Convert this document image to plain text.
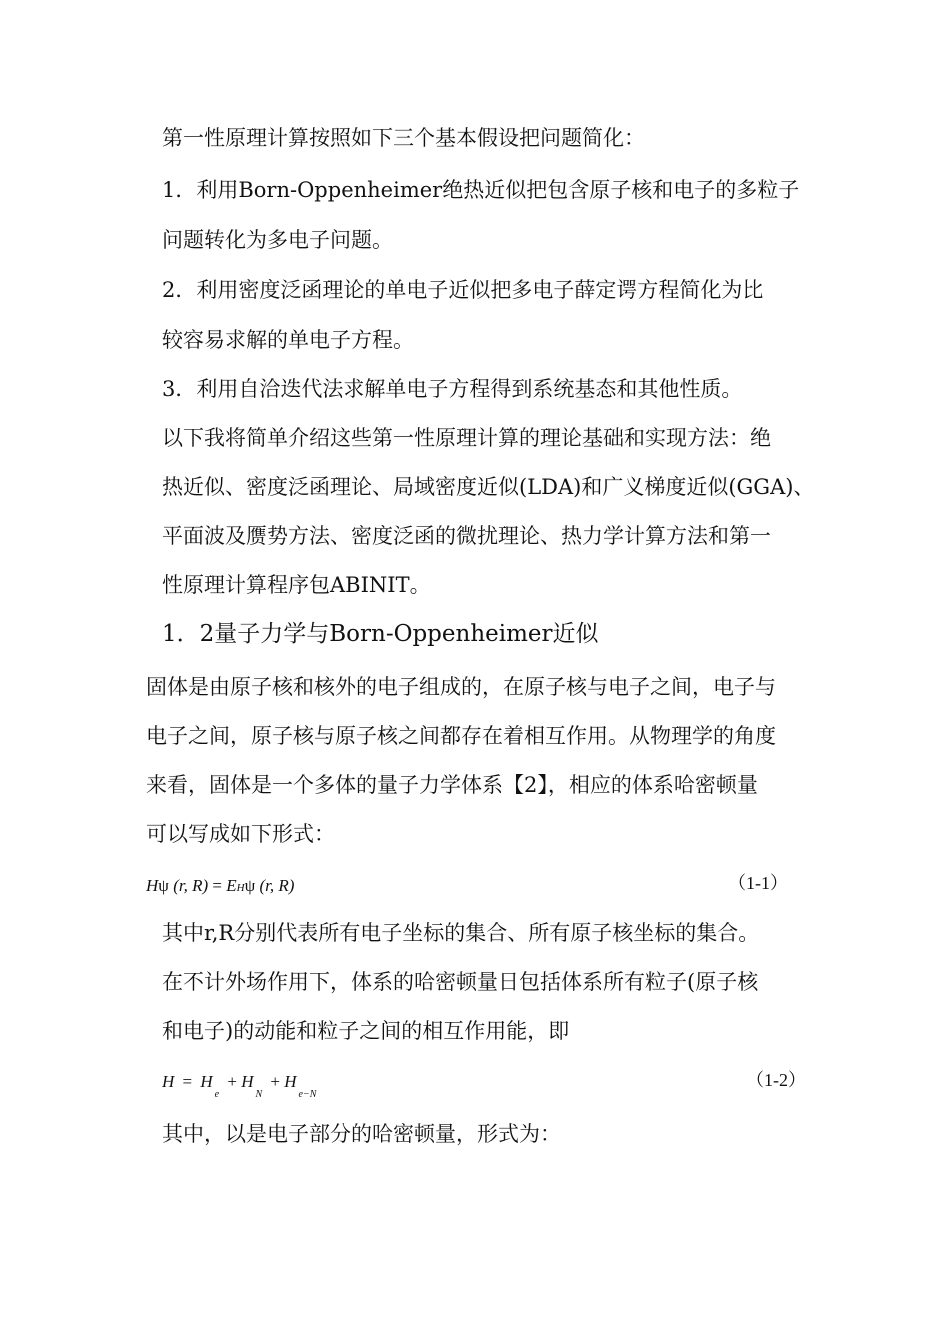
第一性原理计算按照如下三个基本假设把问题简化：
1．利用Born-Oppenheimer绝热近似把包含原子核和电子的多粒子
问题转化为多电子问题。
2．利用密度泛函理论的单电子近似把多电子薛定谔方程简化为比
较容易求解的单电子方程。
3．利用自洽迭代法求解单电子方程得到系统基态和其他性质。
以下我将简单介绍这些第一性原理计算的理论基础和实现方法：绝
热近似、密度泛函理论、局域密度近似(LDA)和广义梯度近似(GGA)、
平面波及赝势方法、密度泛函的微扰理论、热力学计算方法和第一
性原理计算程序包ABINIT。
1．2量子力学与Born-Oppenheimer近似
固体是由原子核和核外的电子组成的，在原子核与电子之间，电子与
电子之间，原子核与原子核之间都存在着相互作用。从物理学的角度
来看，固体是一个多体的量子力学体系【2】，相应的体系哈密顿量
可以写成如下形式：
Hψ (r, R) = EHψ (r, R)	（1-1）
其中r,R分别代表所有电子坐标的集合、所有原子核坐标的集合。
在不计外场作用下，体系的哈密顿量日包括体系所有粒子(原子核
和电子)的动能和粒子之间的相互作用能，即
$H = H_e + H_N + H_{e-N}$
（1-2）
其中，以是电子部分的哈密顿量，形式为：
